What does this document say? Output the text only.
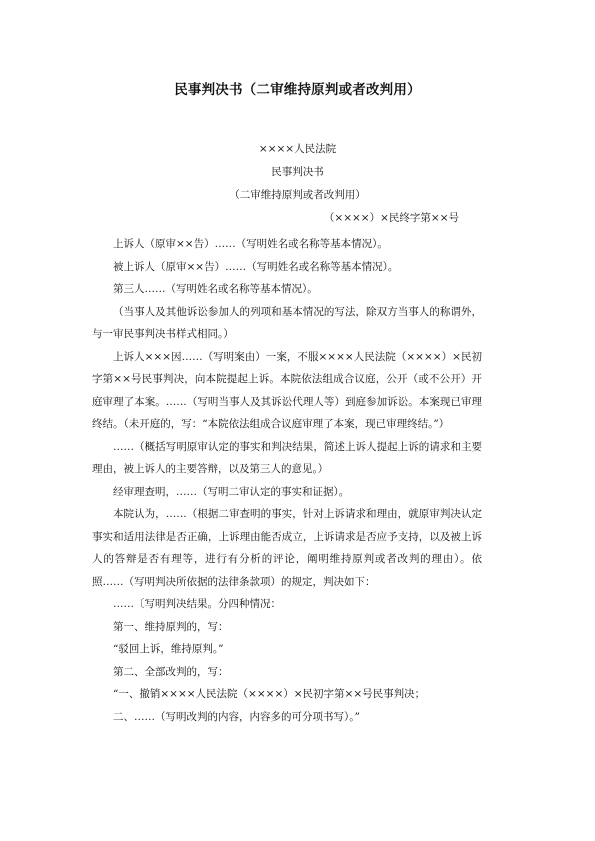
民事判决书（二审维持原判或者改判用）
××××人民法院
民事判决书
（二审维持原判或者改判用）
（××××）×民终字第××号

上诉人（原审××告）……（写明姓名或名称等基本情况）。

被上诉人（原审××告）……（写明姓名或名称等基本情况）。

第三人……（写明姓名或名称等基本情况）。

（当事人及其他诉讼参加人的列项和基本情况的写法，除双方当事人的称谓外，与一审民事判决书样式相同。）

上诉人×××因……（写明案由）一案，不服××××人民法院（××××）×民初字第××号民事判决，向本院提起上诉。本院依法组成合议庭，公开（或不公开）开庭审理了本案。……（写明当事人及其诉讼代理人等）到庭参加诉讼。本案现已审理终结。（未开庭的，写：“本院依法组成合议庭审理了本案，现已审理终结。”）

……（概括写明原审认定的事实和判决结果，简述上诉人提起上诉的请求和主要理由，被上诉人的主要答辩，以及第三人的意见。）

经审理查明，……（写明二审认定的事实和证据）。

本院认为，……（根据二审查明的事实，针对上诉请求和理由，就原审判决认定事实和适用法律是否正确，上诉理由能否成立，上诉请求是否应予支持，以及被上诉人的答辩是否有理等，进行有分析的评论，阐明维持原判或者改判的理由）。依照……（写明判决所依据的法律条款项）的规定，判决如下：

……〔写明判决结果。分四种情况：

第一、维持原判的，写：

“驳回上诉，维持原判。”

第二、全部改判的，写：

“一、撤销××××人民法院（××××）×民初字第××号民事判决；

二、……（写明改判的内容，内容多的可分项书写）。”
